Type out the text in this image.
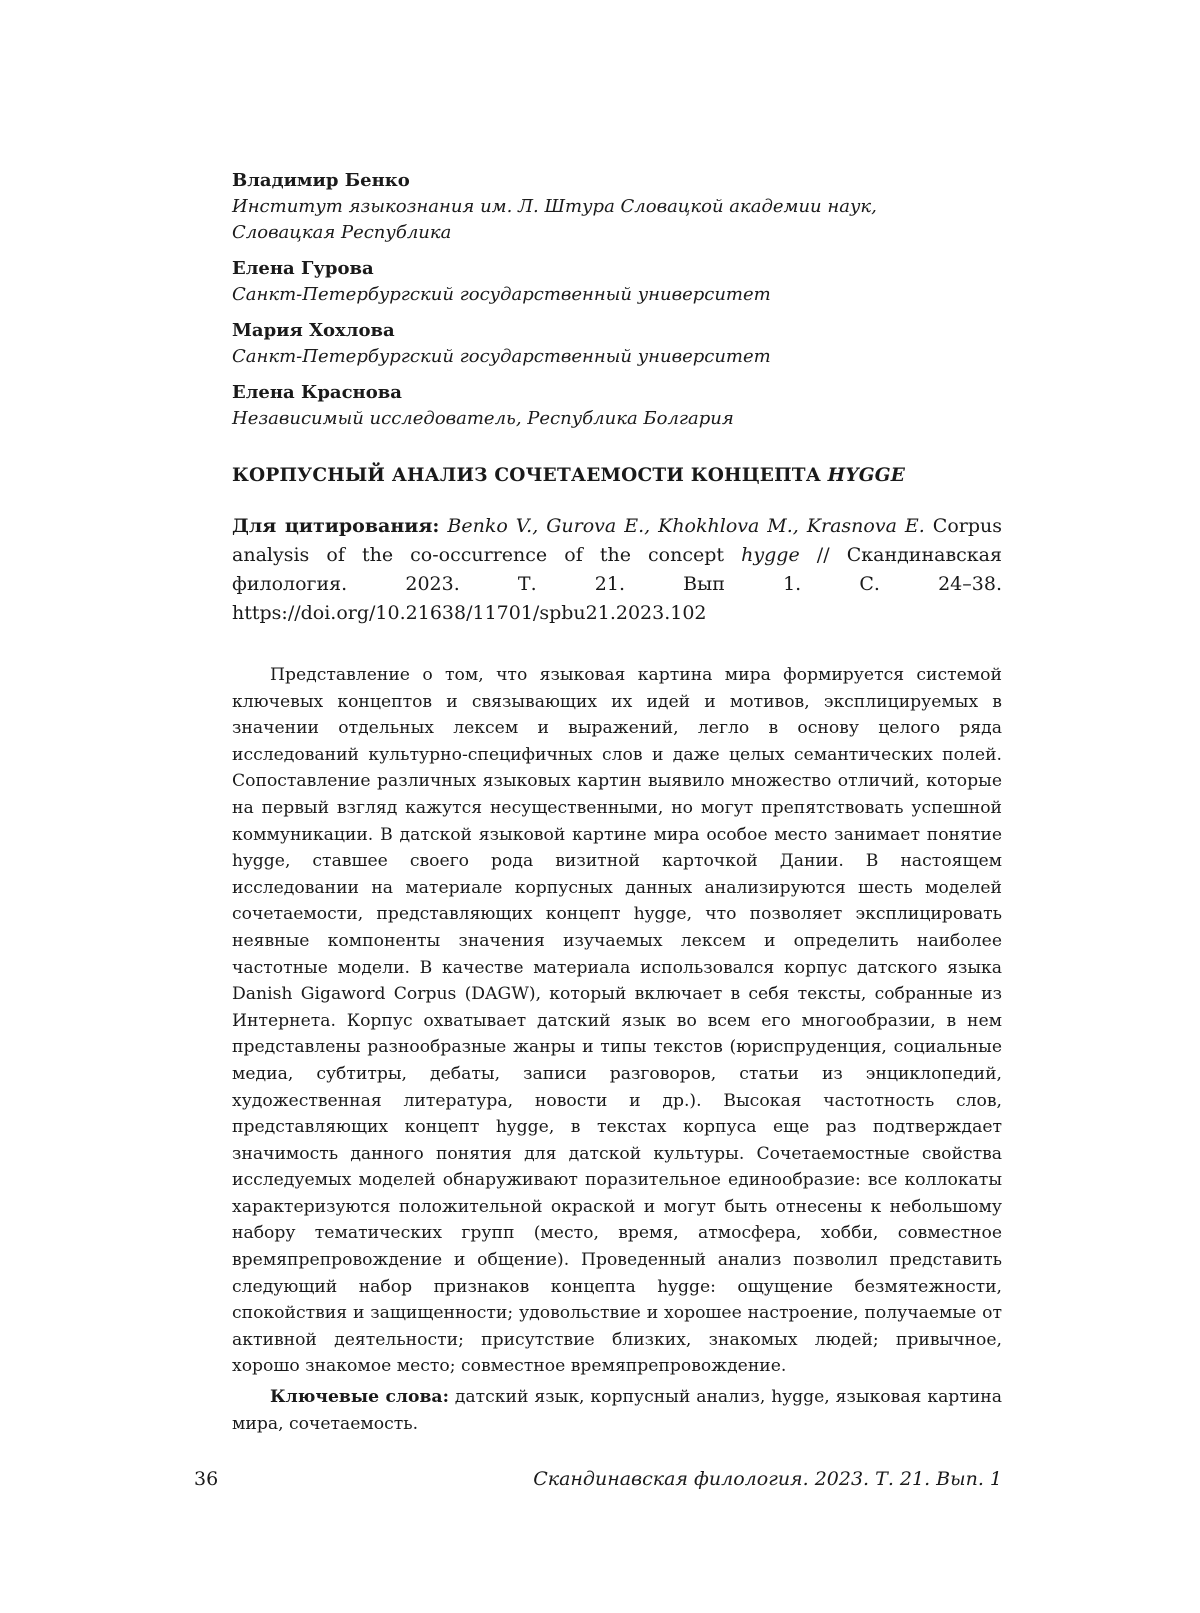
Владимир Бенко
Институт языкознания им. Л. Штура Словацкой академии наук,
Словацкая Республика
Елена Гурова
Санкт-Петербургский государственный университет
Мария Хохлова
Санкт-Петербургский государственный университет
Елена Краснова
Независимый исследователь, Республика Болгария
КОРПУСНЫЙ АНАЛИЗ СОЧЕТАЕМОСТИ КОНЦЕПТА HYGGE
Для цитирования: Benko V., Gurova E., Khokhlova M., Krasnova E. Corpus analysis of the co-occurrence of the concept hygge // Скандинавская филология. 2023. Т. 21. Вып 1. С. 24–38. https://doi.org/10.21638/11701/spbu21.2023.102
Представление о том, что языковая картина мира формируется системой ключевых концептов и связывающих их идей и мотивов, эксплицируемых в значении отдельных лексем и выражений, легло в основу целого ряда исследований культурно-специфичных слов и даже целых семантических полей. Сопоставление различных языковых картин выявило множество отличий, которые на первый взгляд кажутся несущественными, но могут препятствовать успешной коммуникации. В датской языковой картине мира особое место занимает понятие hygge, ставшее своего рода визитной карточкой Дании. В настоящем исследовании на материале корпусных данных анализируются шесть моделей сочетаемости, представляющих концепт hygge, что позволяет эксплицировать неявные компоненты значения изучаемых лексем и определить наиболее частотные модели. В качестве материала использовался корпус датского языка Danish Gigaword Corpus (DAGW), который включает в себя тексты, собранные из Интернета. Корпус охватывает датский язык во всем его многообразии, в нем представлены разнообразные жанры и типы текстов (юриспруденция, социальные медиа, субтитры, дебаты, записи разговоров, статьи из энциклопедий, художественная литература, новости и др.). Высокая частотность слов, представляющих концепт hygge, в текстах корпуса еще раз подтверждает значимость данного понятия для датской культуры. Сочетаемостные свойства исследуемых моделей обнаруживают поразительное единообразие: все коллокаты характеризуются положительной окраской и могут быть отнесены к небольшому набору тематических групп (место, время, атмосфера, хобби, совместное времяпрепровождение и общение). Проведенный анализ позволил представить следующий набор признаков концепта hygge: ощущение безмятежности, спокойствия и защищенности; удовольствие и хорошее настроение, получаемые от активной деятельности; присутствие близких, знакомых людей; привычное, хорошо знакомое место; совместное времяпрепровождение.
Ключевые слова: датский язык, корпусный анализ, hygge, языковая картина мира, сочетаемость.
36	Скандинавская филология. 2023. Т. 21. Вып. 1
